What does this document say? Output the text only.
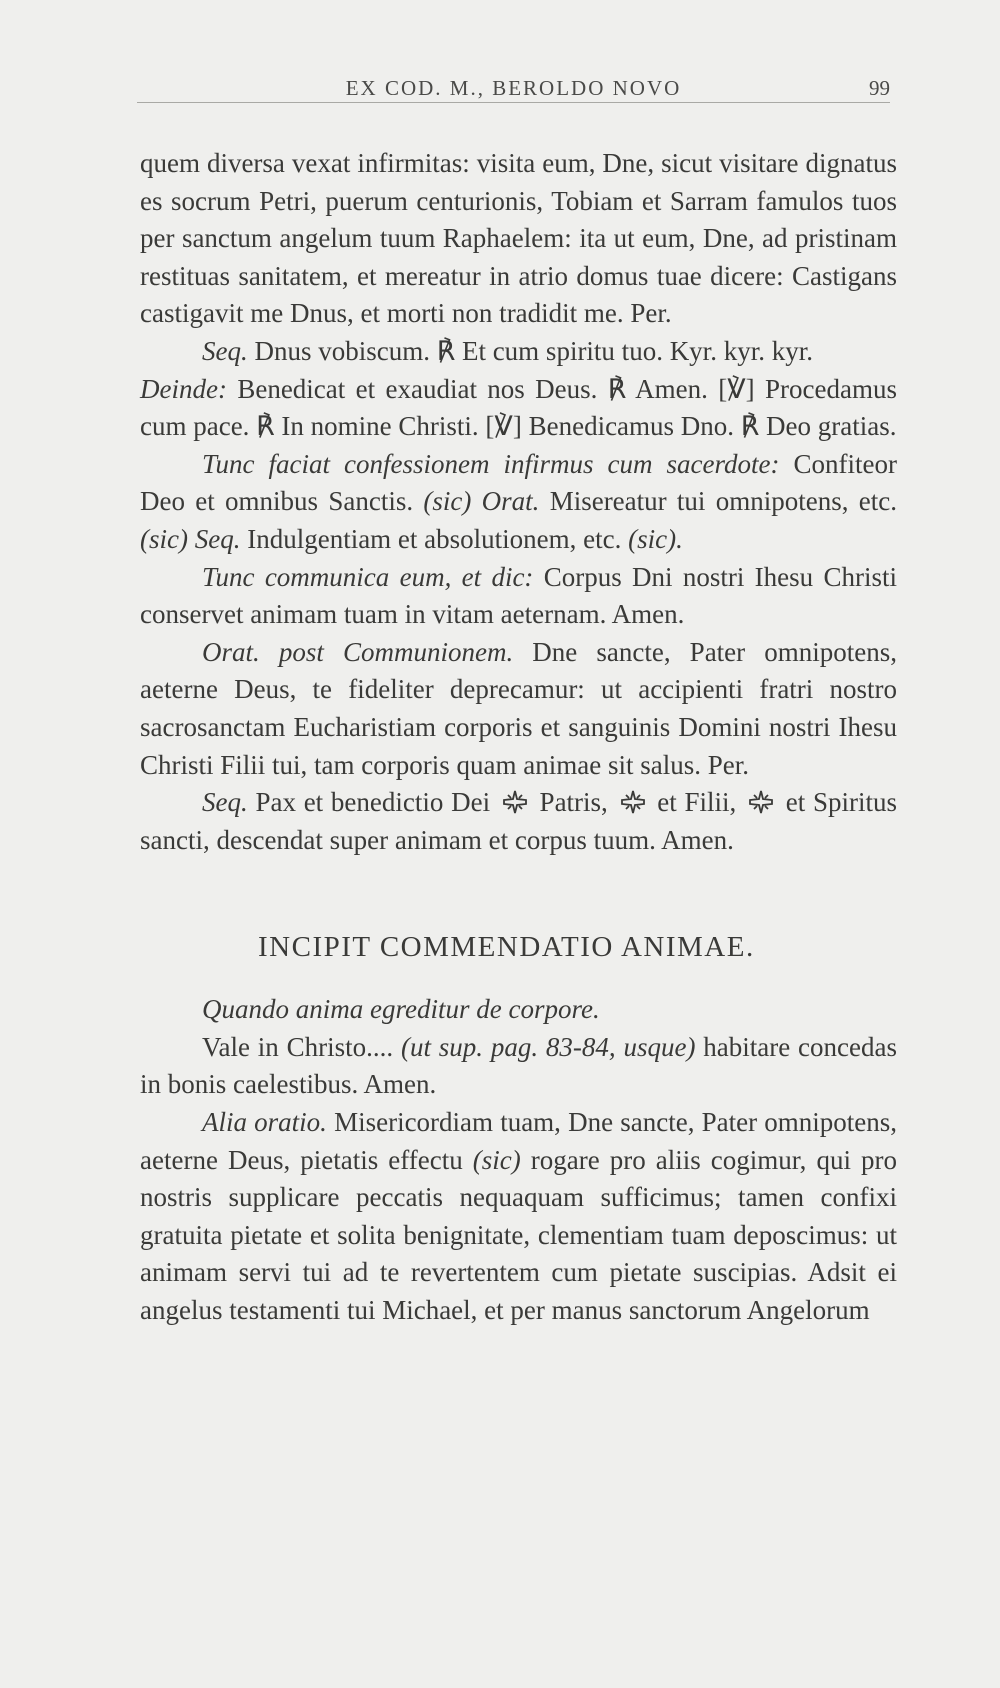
EX COD. M., BEROLDO NOVO	99

quem diversa vexat infirmitas: visita eum, Dne, sicut visitare dignatus es socrum Petri, puerum centurionis, Tobiam et Sarram famulos tuos per sanctum angelum tuum Raphaelem: ita ut eum, Dne, ad pristinam restituas sanitatem, et mereatur in atrio domus tuae dicere: Castigans castigavit me Dnus, et morti non tradidit me. Per.

Seq. Dnus vobiscum. ℟ Et cum spiritu tuo. Kyr. kyr. kyr.

Deinde: Benedicat et exaudiat nos Deus. ℟ Amen. [℣] Procedamus cum pace. ℟ In nomine Christi. [℣] Benedicamus Dno. ℟ Deo gratias.

Tunc faciat confessionem infirmus cum sacerdote: Confiteor Deo et omnibus Sanctis. (sic) Orat. Misereatur tui omnipotens, etc. (sic) Seq. Indulgentiam et absolutionem, etc. (sic).

Tunc communica eum, et dic: Corpus Dni nostri Ihesu Christi conservet animam tuam in vitam aeternam. Amen.

Orat. post Communionem. Dne sancte, Pater omnipotens, aeterne Deus, te fideliter deprecamur: ut accipienti fratri nostro sacrosanctam Eucharistiam corporis et sanguinis Domini nostri Ihesu Christi Filii tui, tam corporis quam animae sit salus. Per.

Seq. Pax et benedictio Dei  Patris,  et Filii,  et Spiritus sancti, descendat super animam et corpus tuum. Amen.

INCIPIT COMMENDATIO ANIMAE.

Quando anima egreditur de corpore.

Vale in Christo.... (ut sup. pag. 83-84, usque) habitare concedas in bonis caelestibus. Amen.

Alia oratio. Misericordiam tuam, Dne sancte, Pater omnipotens, aeterne Deus, pietatis effectu (sic) rogare pro aliis cogimur, qui pro nostris supplicare peccatis nequaquam sufficimus; tamen confixi gratuita pietate et solita benignitate, clementiam tuam deposcimus: ut animam servi tui ad te revertentem cum pietate suscipias. Adsit ei angelus testamenti tui Michael, et per manus sanctorum Angelorum
